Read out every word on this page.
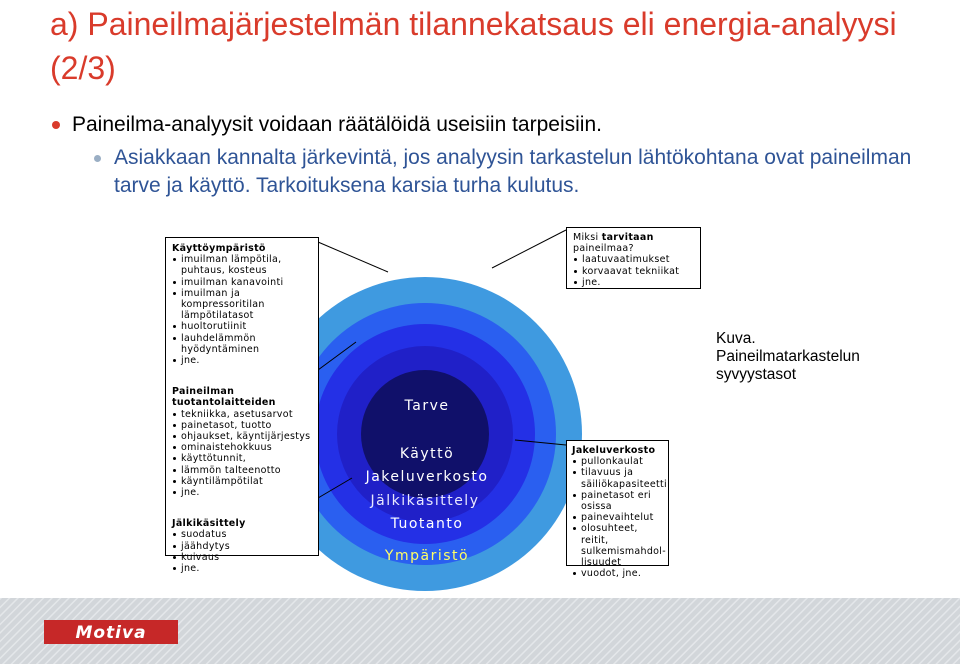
a) Paineilmajärjestelmän tilannekatsaus eli energia-analyysi (2/3)
Paineilma-analyysit voidaan räätälöidä useisiin tarpeisiin.
Asiakkaan kannalta järkevintä, jos analyysin tarkastelun lähtökohtana ovat paineilman tarve ja käyttö. Tarkoituksena karsia turha kulutus.
Tarve
Käyttö
Jakeluverkosto
Jälkikäsittely
Tuotanto
Ympäristö
Käyttöympäristö
imuilman lämpötila, puhtaus, kosteus
imuilman kanavointi
imuilman ja kompressoritilan lämpötilatasot
huoltorutiinit
lauhdelämmön hyödyntäminen
jne.
Paineilman tuotantolaitteiden
tekniikka, asetusarvot
painetasot, tuotto
ohjaukset, käyntijärjestys
ominaistehokkuus
käyttötunnit,
lämmön talteenotto
käyntilämpötilat
jne.
Jälkikäsittely
suodatus
jäähdytys
kuivaus
jne.
Miksi tarvitaan paineilmaa?
laatuvaatimukset
korvaavat tekniikat
jne.
Jakeluverkosto
pullonkaulat
tilavuus ja säiliökapasiteetti
painetasot eri osissa
painevaihtelut
olosuhteet, reitit, sulkemismahdol-lisuudet
vuodot, jne.
Kuva. Paineilmatarkastelun syvyystasot
Motiva
